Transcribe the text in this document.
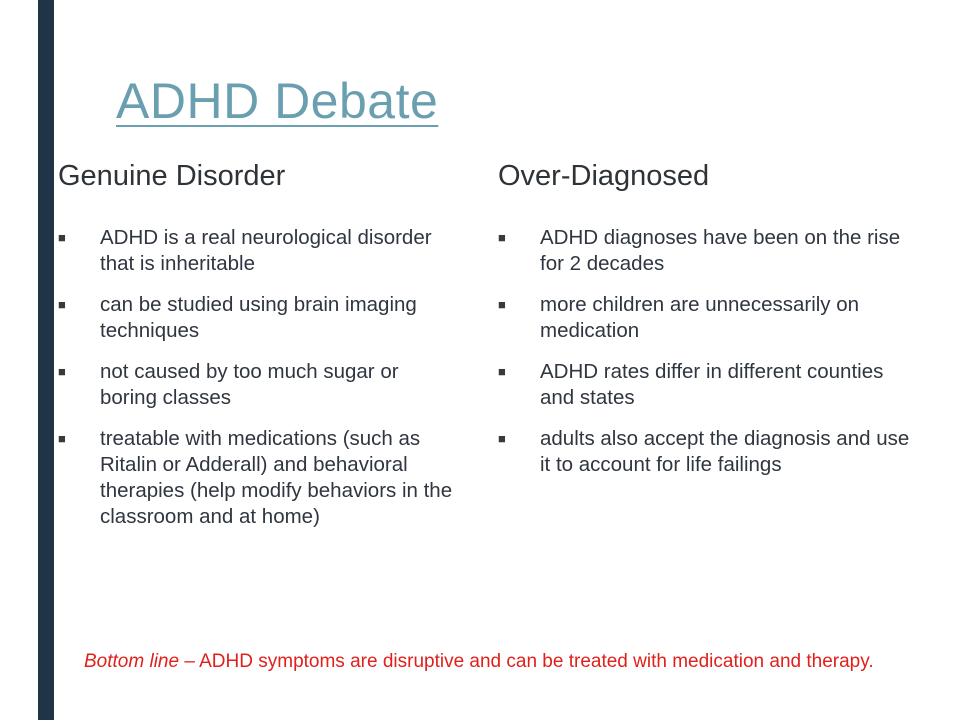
ADHD Debate
Genuine Disorder
■	ADHD is a real neurological disorder that is inheritable
■	can be studied using brain imaging techniques
■	not caused by too much sugar or boring classes
■	treatable with medications (such as Ritalin or Adderall) and behavioral therapies (help modify behaviors in the classroom and at home)
Over-Diagnosed
■	ADHD diagnoses have been on the rise for 2 decades
■	more children are unnecessarily on medication
■	ADHD rates differ in different counties and states
■	adults also accept the diagnosis and use it to account for life failings

Bottom line – ADHD symptoms are disruptive and can be treated with medication and therapy.
